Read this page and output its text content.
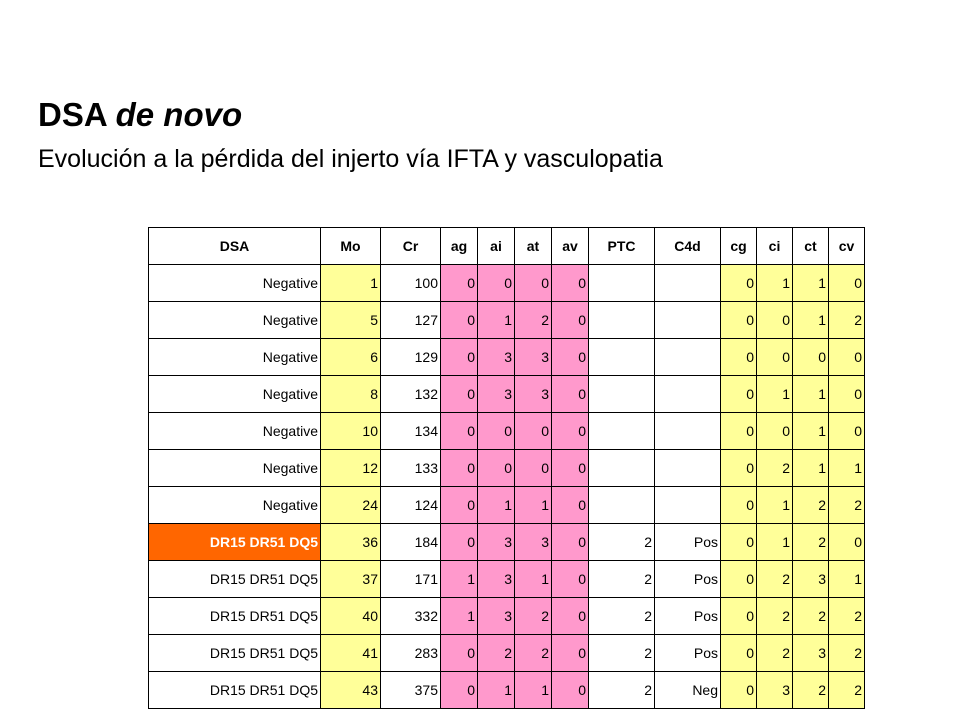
DSA de novo

Evolución a la pérdida del injerto vía IFTA y vasculopatia

DSA	Mo	Cr	ag	ai	at	av	PTC	C4d	cg	ci	ct	cv
Negative	1	100	0	0	0	0			0	1	1	0
Negative	5	127	0	1	2	0			0	0	1	2
Negative	6	129	0	3	3	0			0	0	0	0
Negative	8	132	0	3	3	0			0	1	1	0
Negative	10	134	0	0	0	0			0	0	1	0
Negative	12	133	0	0	0	0			0	2	1	1
Negative	24	124	0	1	1	0			0	1	2	2
DR15 DR51 DQ5	36	184	0	3	3	0	2	Pos	0	1	2	0
DR15 DR51 DQ5	37	171	1	3	1	0	2	Pos	0	2	3	1
DR15 DR51 DQ5	40	332	1	3	2	0	2	Pos	0	2	2	2
DR15 DR51 DQ5	41	283	0	2	2	0	2	Pos	0	2	3	2
DR15 DR51 DQ5	43	375	0	1	1	0	2	Neg	0	3	2	2
